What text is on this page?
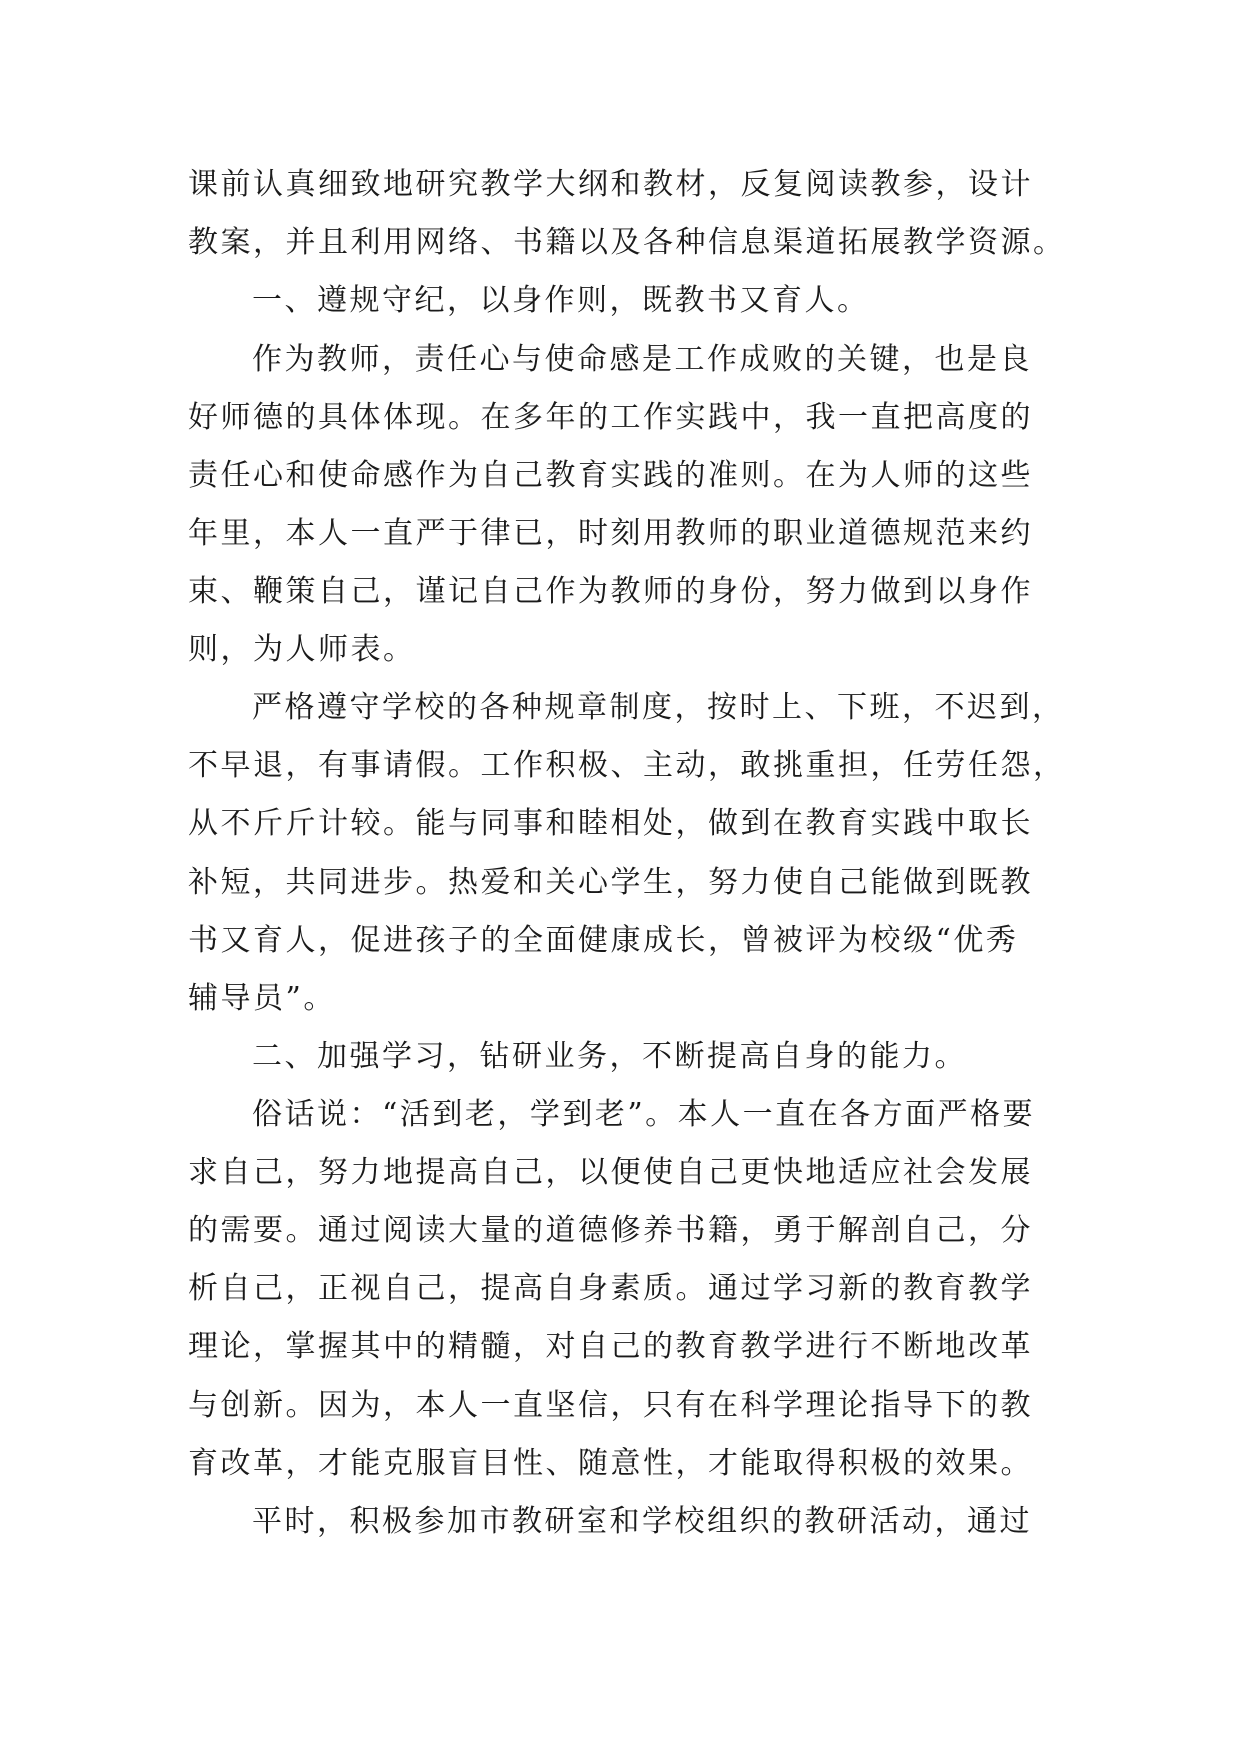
课前认真细致地研究教学大纲和教材，反复阅读教参，设计
教案，并且利用网络、书籍以及各种信息渠道拓展教学资源。
一、遵规守纪，以身作则，既教书又育人。
作为教师，责任心与使命感是工作成败的关键，也是良
好师德的具体体现。在多年的工作实践中，我一直把高度的
责任心和使命感作为自己教育实践的准则。在为人师的这些
年里，本人一直严于律已，时刻用教师的职业道德规范来约
束、鞭策自己，谨记自己作为教师的身份，努力做到以身作
则，为人师表。
严格遵守学校的各种规章制度，按时上、下班，不迟到，
不早退，有事请假。工作积极、主动，敢挑重担，任劳任怨，
从不斤斤计较。能与同事和睦相处，做到在教育实践中取长
补短，共同进步。热爱和关心学生，努力使自己能做到既教
书又育人，促进孩子的全面健康成长，曾被评为校级“优秀
辅导员”。
二、加强学习，钻研业务，不断提高自身的能力。
俗话说：“活到老，学到老”。本人一直在各方面严格要
求自己，努力地提高自己，以便使自己更快地适应社会发展
的需要。通过阅读大量的道德修养书籍，勇于解剖自己，分
析自己，正视自己，提高自身素质。通过学习新的教育教学
理论，掌握其中的精髓，对自己的教育教学进行不断地改革
与创新。因为，本人一直坚信，只有在科学理论指导下的教
育改革，才能克服盲目性、随意性，才能取得积极的效果。
平时，积极参加市教研室和学校组织的教研活动，通过
